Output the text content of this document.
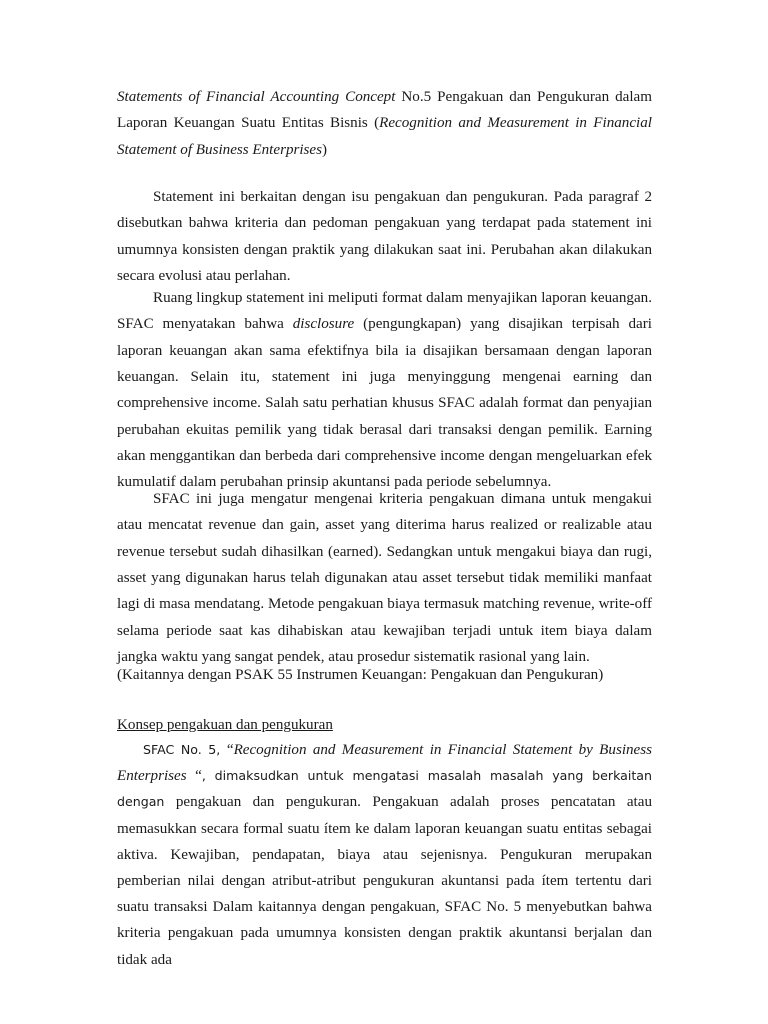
Statements of Financial Accounting Concept No.5 Pengakuan dan Pengukuran dalam Laporan Keuangan Suatu Entitas Bisnis (Recognition and Measurement in Financial Statement of Business Enterprises)

Statement ini berkaitan dengan isu pengakuan dan pengukuran. Pada paragraf 2 disebutkan bahwa kriteria dan pedoman pengakuan yang terdapat pada statement ini umumnya konsisten dengan praktik yang dilakukan saat ini. Perubahan akan dilakukan secara evolusi atau perlahan.

Ruang lingkup statement ini meliputi format dalam menyajikan laporan keuangan. SFAC menyatakan bahwa disclosure (pengungkapan) yang disajikan terpisah dari laporan keuangan akan sama efektifnya bila ia disajikan bersamaan dengan laporan keuangan. Selain itu, statement ini juga menyinggung mengenai earning dan comprehensive income. Salah satu perhatian khusus SFAC adalah format dan penyajian perubahan ekuitas pemilik yang tidak berasal dari transaksi dengan pemilik. Earning akan menggantikan dan berbeda dari comprehensive income dengan mengeluarkan efek kumulatif dalam perubahan prinsip akuntansi pada periode sebelumnya.

SFAC ini juga mengatur mengenai kriteria pengakuan dimana untuk mengakui atau mencatat revenue dan gain, asset yang diterima harus realized or realizable atau revenue tersebut sudah dihasilkan (earned). Sedangkan untuk mengakui biaya dan rugi, asset yang digunakan harus telah digunakan atau asset tersebut tidak memiliki manfaat lagi di masa mendatang. Metode pengakuan biaya termasuk matching revenue, write-off selama periode saat kas dihabiskan atau kewajiban terjadi untuk item biaya dalam jangka waktu yang sangat pendek, atau prosedur sistematik rasional yang lain.

(Kaitannya dengan PSAK 55 Instrumen Keuangan: Pengakuan dan Pengukuran)

Konsep pengakuan dan pengukuran

SFAC No. 5, “Recognition and Measurement in Financial Statement by Business Enterprises “, dimaksudkan untuk mengatasi masalah masalah yang berkaitan dengan pengakuan dan pengukuran. Pengakuan adalah proses pencatatan atau memasukkan secara formal suatu ítem ke dalam laporan keuangan suatu entitas sebagai aktiva. Kewajiban, pendapatan, biaya atau sejenisnya. Pengukuran merupakan pemberian nilai dengan atribut-atribut pengukuran akuntansi pada ítem tertentu dari suatu transaksi Dalam kaitannya dengan pengakuan, SFAC No. 5 menyebutkan bahwa kriteria pengakuan pada umumnya konsisten dengan praktik akuntansi berjalan dan tidak ada
